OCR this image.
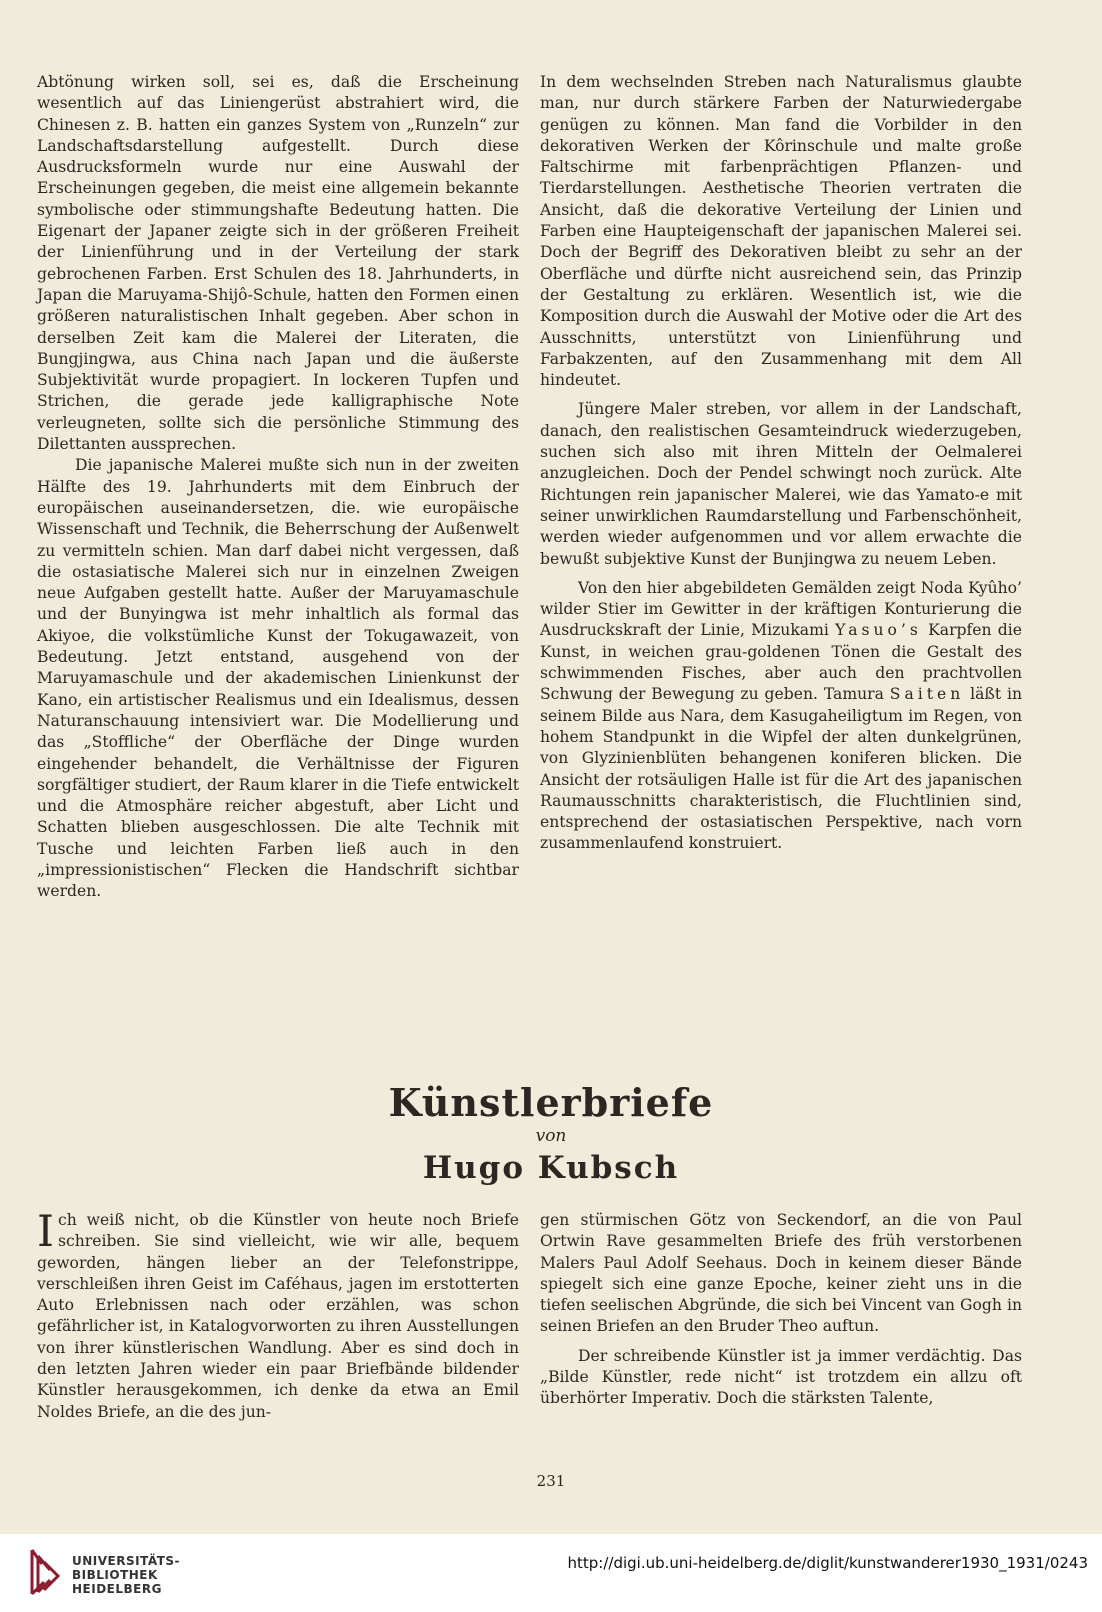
Abtönung wirken soll, sei es, daß die Erscheinung wesentlich auf das Liniengerüst abstrahiert wird, die Chinesen z. B. hatten ein ganzes System von „Runzeln“ zur Landschaftsdarstellung aufgestellt. Durch diese Ausdrucksformeln wurde nur eine Auswahl der Erscheinungen gegeben, die meist eine allgemein bekannte symbolische oder stimmungshafte Bedeutung hatten. Die Eigenart der Japaner zeigte sich in der größeren Freiheit der Linienführung und in der Verteilung der stark gebrochenen Farben. Erst Schulen des 18. Jahrhunderts, in Japan die Maruyama-Shijô-Schule, hatten den Formen einen größeren naturalistischen Inhalt gegeben. Aber schon in derselben Zeit kam die Malerei der Literaten, die Bungjingwa, aus China nach Japan und die äußerste Subjektivität wurde propagiert. In lockeren Tupfen und Strichen, die gerade jede kalligraphische Note verleugneten, sollte sich die persönliche Stimmung des Dilettanten aussprechen.

Die japanische Malerei mußte sich nun in der zweiten Hälfte des 19. Jahrhunderts mit dem Einbruch der europäischen auseinandersetzen, die. wie europäische Wissenschaft und Technik, die Beherrschung der Außenwelt zu vermitteln schien. Man darf dabei nicht vergessen, daß die ostasiatische Malerei sich nur in einzelnen Zweigen neue Aufgaben gestellt hatte. Außer der Maruyamaschule und der Bunyingwa ist mehr inhaltlich als formal das Akiyoe, die volkstümliche Kunst der Tokugawazeit, von Bedeutung. Jetzt entstand, ausgehend von der Maruyamaschule und der akademischen Linienkunst der Kano, ein artistischer Realismus und ein Idealismus, dessen Naturanschauung intensiviert war. Die Modellierung und das „Stoffliche“ der Oberfläche der Dinge wurden eingehender behandelt, die Verhältnisse der Figuren sorgfältiger studiert, der Raum klarer in die Tiefe entwickelt und die Atmosphäre reicher abgestuft, aber Licht und Schatten blieben ausgeschlossen. Die alte Technik mit Tusche und leichten Farben ließ auch in den „impressionistischen“ Flecken die Handschrift sichtbar werden.

In dem wechselnden Streben nach Naturalismus glaubte man, nur durch stärkere Farben der Naturwiedergabe genügen zu können. Man fand die Vorbilder in den dekorativen Werken der Kôrinschule und malte große Faltschirme mit farbenprächtigen Pflanzen- und Tierdarstellungen. Aesthetische Theorien vertraten die Ansicht, daß die dekorative Verteilung der Linien und Farben eine Haupteigenschaft der japanischen Malerei sei. Doch der Begriff des Dekorativen bleibt zu sehr an der Oberfläche und dürfte nicht ausreichend sein, das Prinzip der Gestaltung zu erklären. Wesentlich ist, wie die Komposition durch die Auswahl der Motive oder die Art des Ausschnitts, unterstützt von Linienführung und Farbakzenten, auf den Zusammenhang mit dem All hindeutet.

Jüngere Maler streben, vor allem in der Landschaft, danach, den realistischen Gesamteindruck wiederzugeben, suchen sich also mit ihren Mitteln der Oelmalerei anzugleichen. Doch der Pendel schwingt noch zurück. Alte Richtungen rein japanischer Malerei, wie das Yamato-e mit seiner unwirklichen Raumdarstellung und Farbenschönheit, werden wieder aufgenommen und vor allem erwachte die bewußt subjektive Kunst der Bunjingwa zu neuem Leben.

Von den hier abgebildeten Gemälden zeigt Noda Kyûho’ wilder Stier im Gewitter in der kräftigen Konturierung die Ausdruckskraft der Linie, Mizukami Yasuo’s Karpfen die Kunst, in weichen grau-goldenen Tönen die Gestalt des schwimmenden Fisches, aber auch den prachtvollen Schwung der Bewegung zu geben. Tamura Saiten läßt in seinem Bilde aus Nara, dem Kasugaheiligtum im Regen, von hohem Standpunkt in die Wipfel der alten dunkelgrünen, von Glyzinienblüten behangenen koniferen blicken. Die Ansicht der rotsäuligen Halle ist für die Art des japanischen Raumausschnitts charakteristisch, die Fluchtlinien sind, entsprechend der ostasiatischen Perspektive, nach vorn zusammenlaufend konstruiert.

Künstlerbriefe
von
Hugo Kubsch

Ich weiß nicht, ob die Künstler von heute noch Briefe schreiben. Sie sind vielleicht, wie wir alle, bequem geworden, hängen lieber an der Telefonstrippe, verschleißen ihren Geist im Caféhaus, jagen im erstotterten Auto Erlebnissen nach oder erzählen, was schon gefährlicher ist, in Katalogvorworten zu ihren Ausstellungen von ihrer künstlerischen Wandlung. Aber es sind doch in den letzten Jahren wieder ein paar Briefbände bildender Künstler herausgekommen, ich denke da etwa an Emil Noldes Briefe, an die des jun-

gen stürmischen Götz von Seckendorf, an die von Paul Ortwin Rave gesammelten Briefe des früh verstorbenen Malers Paul Adolf Seehaus. Doch in keinem dieser Bände spiegelt sich eine ganze Epoche, keiner zieht uns in die tiefen seelischen Abgründe, die sich bei Vincent van Gogh in seinen Briefen an den Bruder Theo auftun.

Der schreibende Künstler ist ja immer verdächtig. Das „Bilde Künstler, rede nicht“ ist trotzdem ein allzu oft überhörter Imperativ. Doch die stärksten Talente,

231
UNIVERSITÄTS-
BIBLIOTHEK
HEIDELBERG
http://digi.ub.uni-heidelberg.de/diglit/kunstwanderer1930_1931/0243
